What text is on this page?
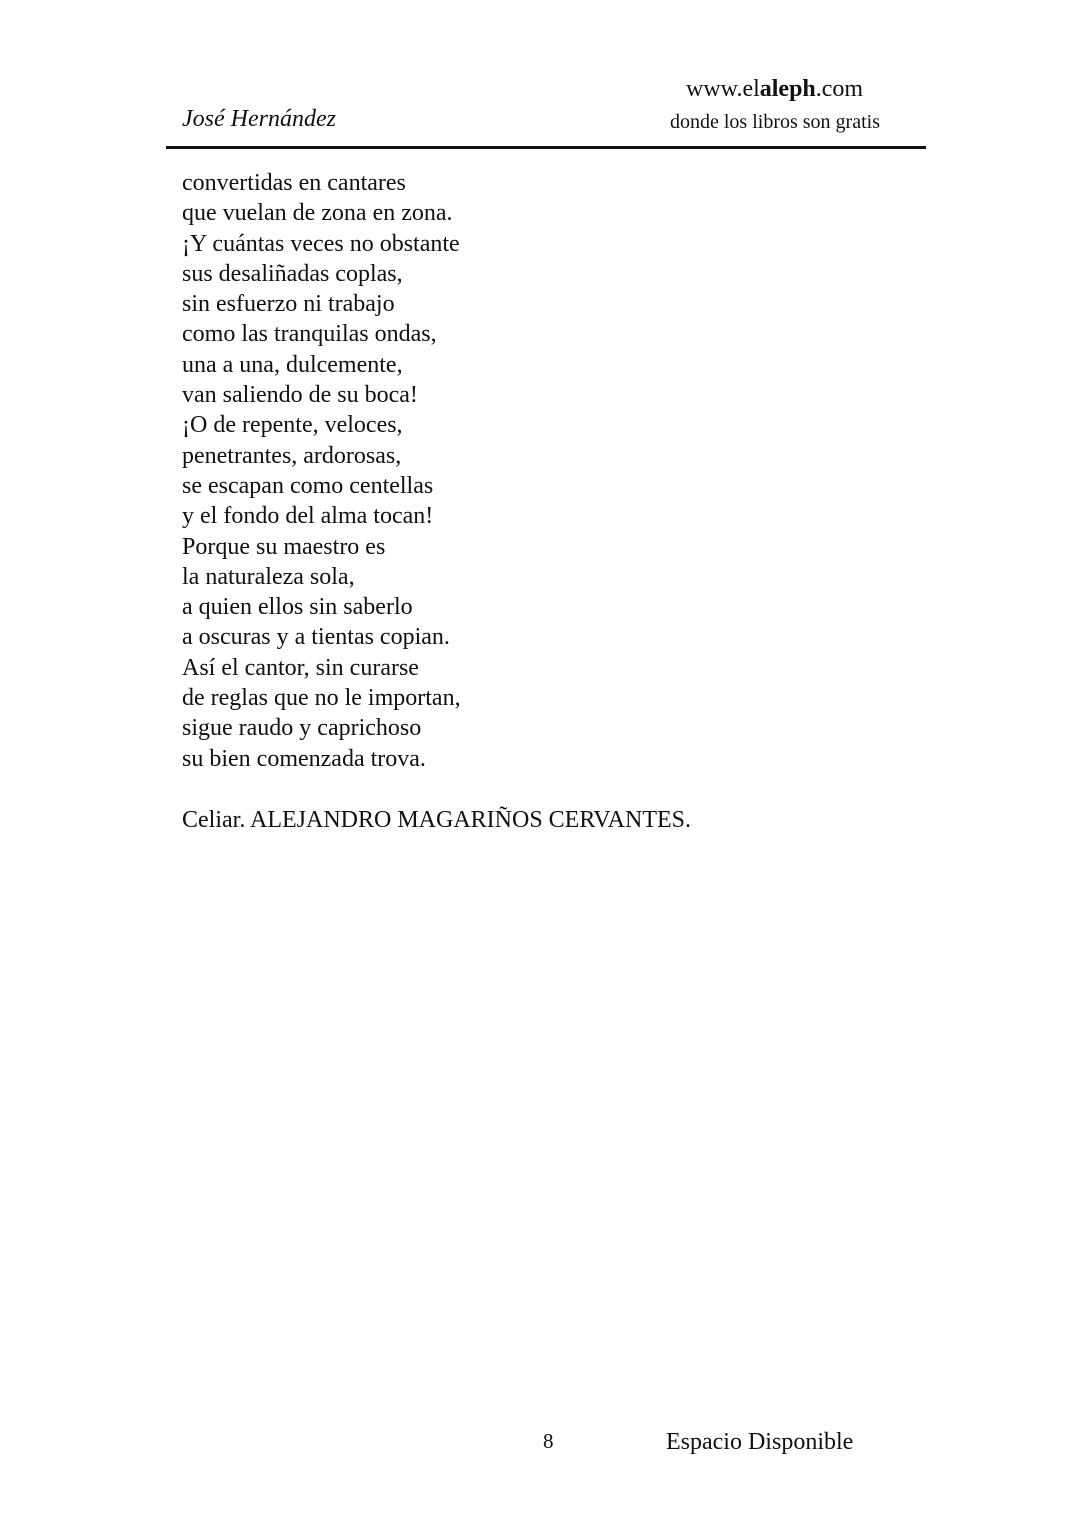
José Hernández
www.elaleph.com
donde los libros son gratis
convertidas en cantares
que vuelan de zona en zona.
¡Y cuántas veces no obstante
sus desaliñadas coplas,
sin esfuerzo ni trabajo
como las tranquilas ondas,
una a una, dulcemente,
van saliendo de su boca!
¡O de repente, veloces,
penetrantes, ardorosas,
se escapan como centellas
y el fondo del alma tocan!
Porque su maestro es
la naturaleza sola,
a quien ellos sin saberlo
a oscuras y a tientas copian.
Así el cantor, sin curarse
de reglas que no le importan,
sigue raudo y caprichoso
su bien comenzada trova.
Celiar. ALEJANDRO MAGARIÑOS CERVANTES.
8	Espacio Disponible
